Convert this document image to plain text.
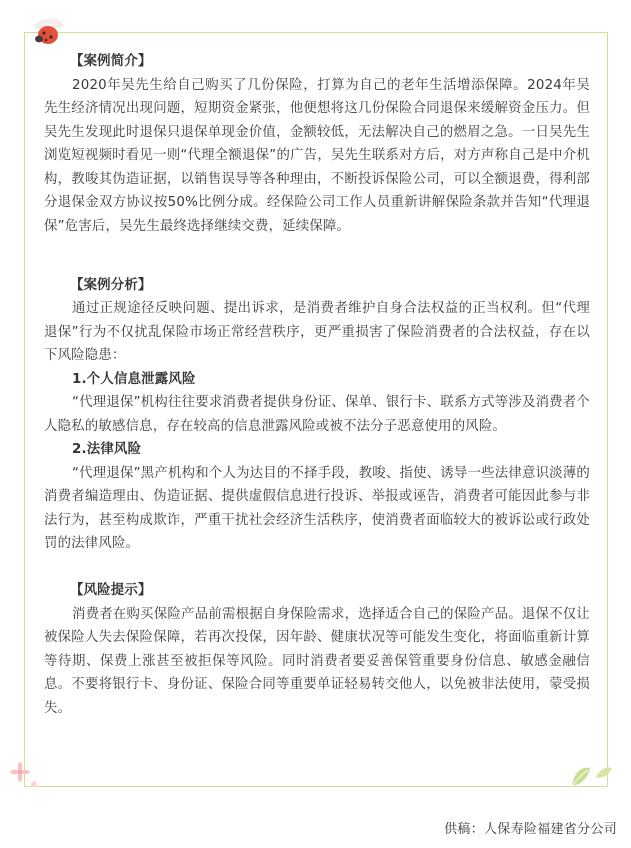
【案例简介】

2020年吴先生给自己购买了几份保险，打算为自己的老年生活增添保障。2024年吴先生经济情况出现问题，短期资金紧张，他便想将这几份保险合同退保来缓解资金压力。但吴先生发现此时退保只退保单现金价值，金额较低，无法解决自己的燃眉之急。一日吴先生浏览短视频时看见一则“代理全额退保”的广告，吴先生联系对方后，对方声称自己是中介机构，教唆其伪造证据，以销售误导等各种理由，不断投诉保险公司，可以全额退费，得利部分退保金双方协议按50%比例分成。经保险公司工作人员重新讲解保险条款并告知“代理退保”危害后，吴先生最终选择继续交费，延续保障。

【案例分析】

通过正规途径反映问题、提出诉求，是消费者维护自身合法权益的正当权利。但“代理退保”行为不仅扰乱保险市场正常经营秩序，更严重损害了保险消费者的合法权益，存在以下风险隐患：

1.个人信息泄露风险

“代理退保”机构往往要求消费者提供身份证、保单、银行卡、联系方式等涉及消费者个人隐私的敏感信息，存在较高的信息泄露风险或被不法分子恶意使用的风险。

2.法律风险

“代理退保”黑产机构和个人为达目的不择手段，教唆、指使、诱导一些法律意识淡薄的消费者编造理由、伪造证据、提供虚假信息进行投诉、举报或诬告，消费者可能因此参与非法行为，甚至构成欺诈，严重干扰社会经济生活秩序，使消费者面临较大的被诉讼或行政处罚的法律风险。

【风险提示】

消费者在购买保险产品前需根据自身保险需求，选择适合自己的保险产品。退保不仅让被保险人失去保险保障，若再次投保，因年龄、健康状况等可能发生变化，将面临重新计算等待期、保费上涨甚至被拒保等风险。同时消费者要妥善保管重要身份信息、敏感金融信息。不要将银行卡、身份证、保险合同等重要单证轻易转交他人，以免被非法使用，蒙受损失。

供稿：人保寿险福建省分公司
